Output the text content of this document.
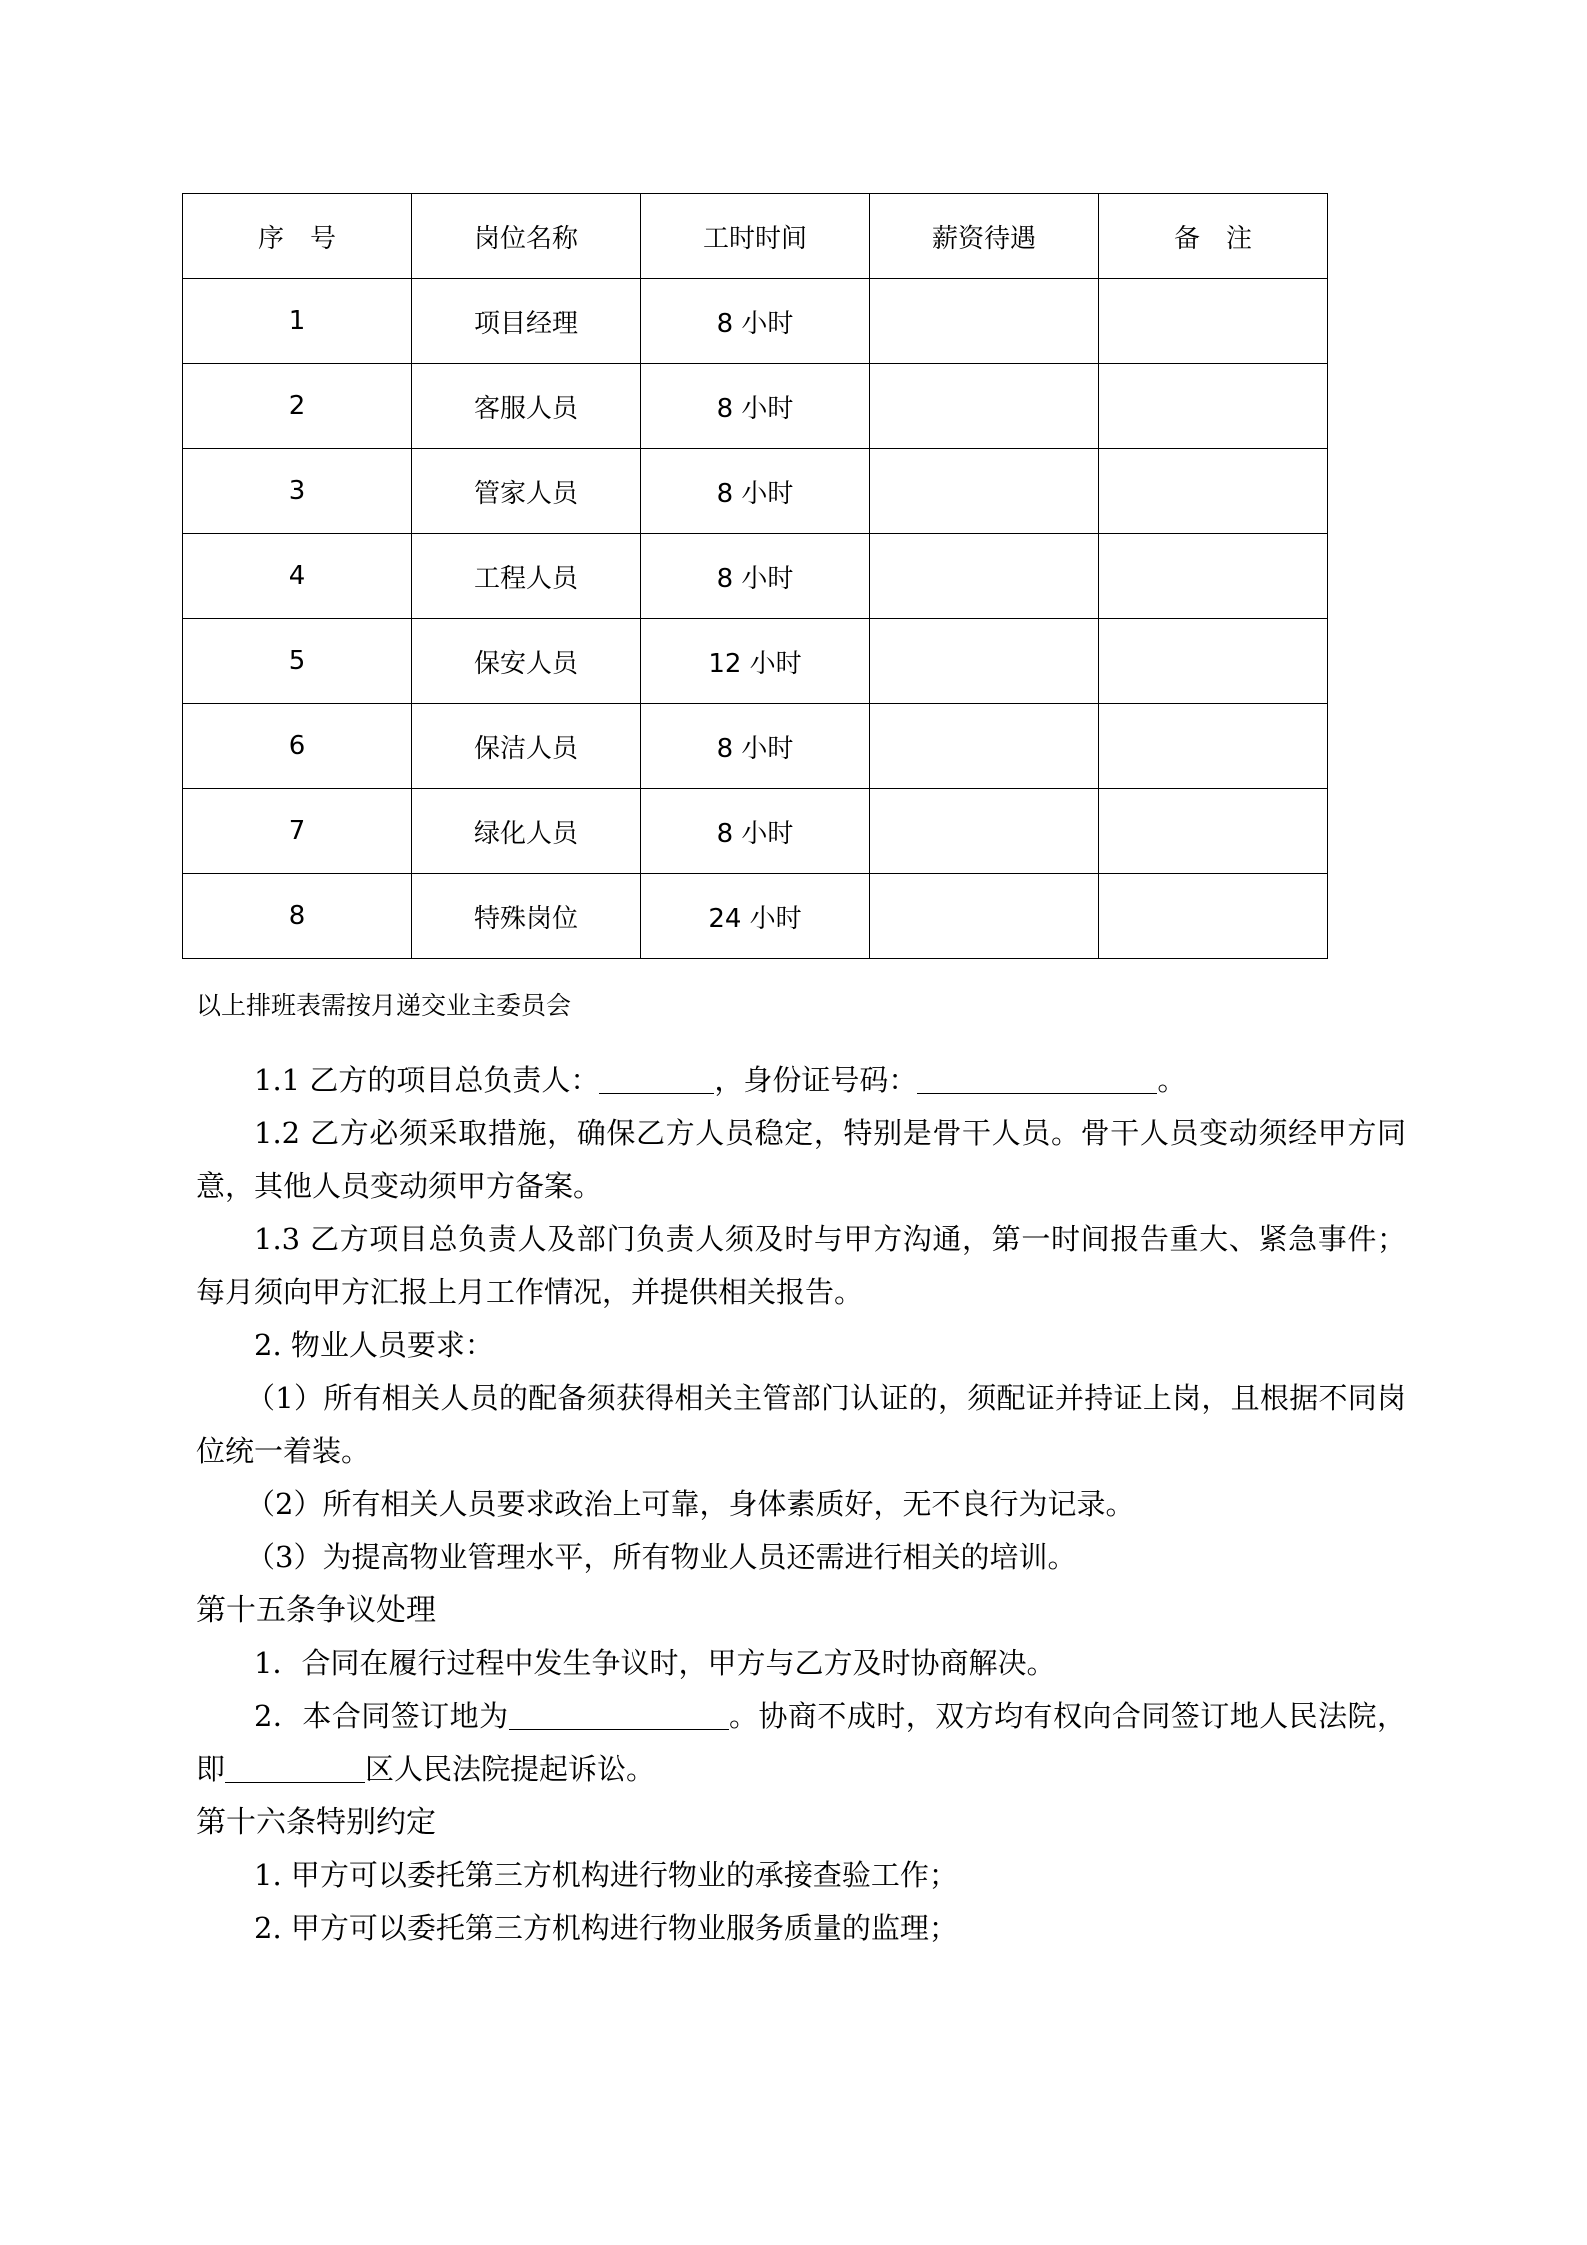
序　号	岗位名称	工时时间	薪资待遇	备　注
1	项目经理	8 小时		
2	客服人员	8 小时		
3	管家人员	8 小时		
4	工程人员	8 小时		
5	保安人员	12 小时		
6	保洁人员	8 小时		
7	绿化人员	8 小时		
8	特殊岗位	24 小时		
以上排班表需按月递交业主委员会

1.1 乙方的项目总负责人：	，身份证号码：	。

1.2 乙方必须采取措施，确保乙方人员稳定，特别是骨干人员。骨干人员变动须经甲方同意，其他人员变动须甲方备案。

1.3 乙方项目总负责人及部门负责人须及时与甲方沟通，第一时间报告重大、紧急事件；每月须向甲方汇报上月工作情况，并提供相关报告。

2. 物业人员要求：

（1）所有相关人员的配备须获得相关主管部门认证的，须配证并持证上岗，且根据不同岗位统一着装。

（2）所有相关人员要求政治上可靠，身体素质好，无不良行为记录。

（3）为提高物业管理水平，所有物业人员还需进行相关的培训。

第十五条争议处理

1．合同在履行过程中发生争议时，甲方与乙方及时协商解决。

2．本合同签订地为	。协商不成时，双方均有权向合同签订地人民法院，即	区人民法院提起诉讼。

第十六条特别约定

1. 甲方可以委托第三方机构进行物业的承接查验工作；

2. 甲方可以委托第三方机构进行物业服务质量的监理；
